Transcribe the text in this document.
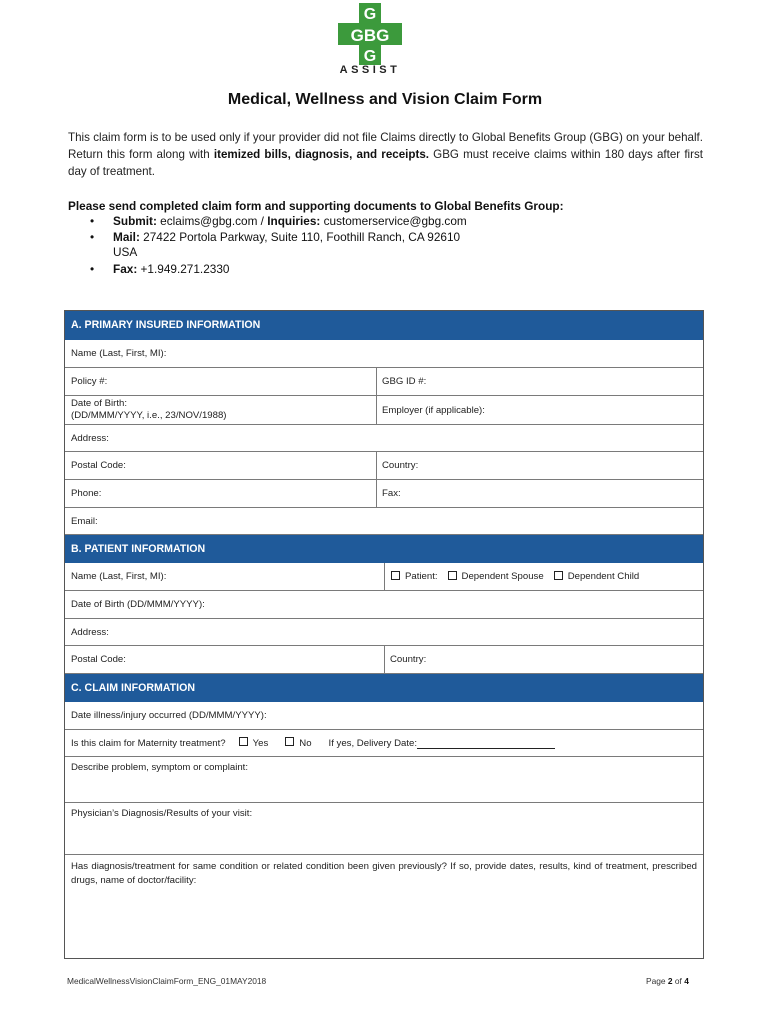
G
GBG
G
ASSIST
Medical, Wellness and Vision Claim Form
This claim form is to be used only if your provider did not file Claims directly to Global Benefits Group (GBG) on your behalf. Return this form along with itemized bills, diagnosis, and receipts. GBG must receive claims within 180 days after first day of treatment.
Please send completed claim form and supporting documents to Global Benefits Group:
• Submit: eclaims@gbg.com / Inquiries: customerservice@gbg.com
• Mail: 27422 Portola Parkway, Suite 110, Foothill Ranch, CA 92610
USA
• Fax: +1.949.271.2330
A. PRIMARY INSURED INFORMATION
Name (Last, First, MI):
Policy #:	GBG ID #:
Date of Birth:
(DD/MMM/YYYY, i.e., 23/NOV/1988)	Employer (if applicable):
Address:
Postal Code:	Country:
Phone:	Fax:
Email:
B. PATIENT INFORMATION
Name (Last, First, MI):	Patient:	Dependent Spouse	Dependent Child
Date of Birth (DD/MMM/YYYY):
Address:
Postal Code:	Country:
C. CLAIM INFORMATION
Date illness/injury occurred (DD/MMM/YYYY):
Is this claim for Maternity treatment?	Yes	No If yes, Delivery Date:
Describe problem, symptom or complaint:
Physician’s Diagnosis/Results of your visit:
Has diagnosis/treatment for same condition or related condition been given previously? If so, provide dates, results, kind of treatment, prescribed drugs, name of doctor/facility:
MedicalWellnessVisionClaimForm_ENG_01MAY2018	Page 2 of 4
